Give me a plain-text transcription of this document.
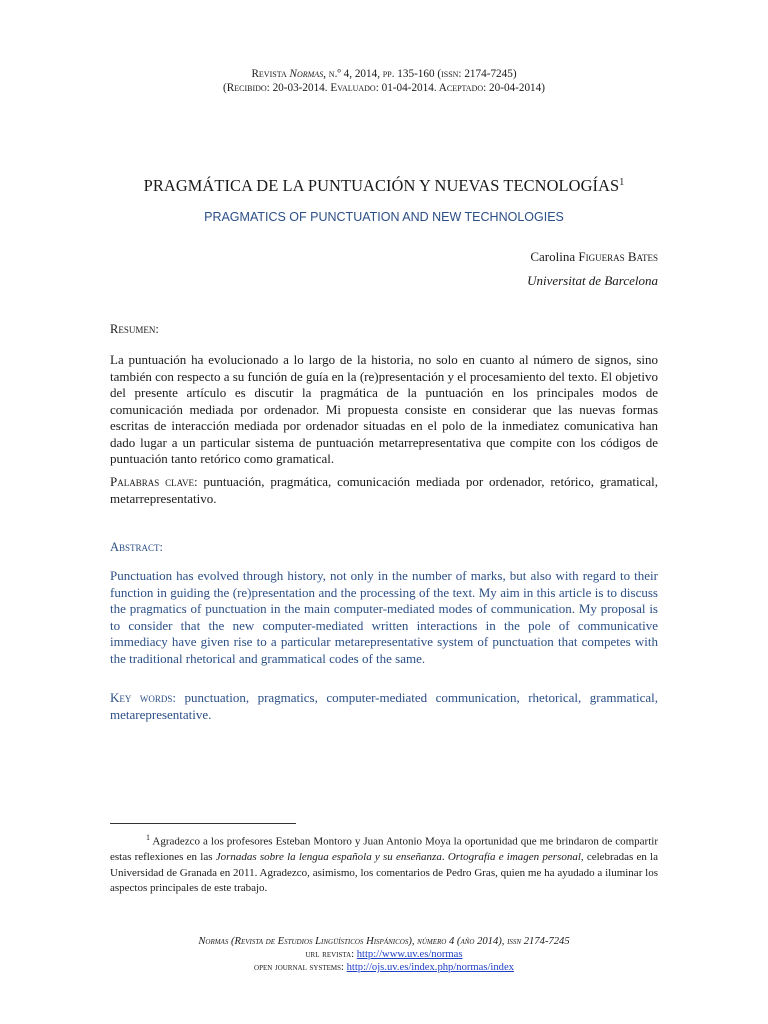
Revista Normas, n.º 4, 2014, pp. 135-160 (issn: 2174-7245)
(Recibido: 20-03-2014. Evaluado: 01-04-2014. Aceptado: 20-04-2014)
PRAGMÁTICA DE LA PUNTUACIÓN Y NUEVAS TECNOLOGÍAS$^1$
PRAGMATICS OF PUNCTUATION AND NEW TECHNOLOGIES
Carolina Figueras Bates
Universitat de Barcelona
Resumen:
La puntuación ha evolucionado a lo largo de la historia, no solo en cuanto al número de signos, sino también con respecto a su función de guía en la (re)presentación y el procesamiento del texto. El objetivo del presente artículo es discutir la pragmática de la puntuación en los principales modos de comunicación mediada por ordenador. Mi propuesta consiste en considerar que las nuevas formas escritas de interacción mediada por ordenador situadas en el polo de la inmediatez comunicativa han dado lugar a un particular sistema de puntuación metarrepresentativa que compite con los códigos de puntuación tanto retórico como gramatical.
Palabras clave: puntuación, pragmática, comunicación mediada por ordenador, retórico, gramatical, metarrepresentativo.
Abstract:
Punctuation has evolved through history, not only in the number of marks, but also with regard to their function in guiding the (re)presentation and the processing of the text. My aim in this article is to discuss the pragmatics of punctuation in the main computer-mediated modes of communication. My proposal is to consider that the new computer-mediated written interactions in the pole of communicative immediacy have given rise to a particular metarepresentative system of punctuation that competes with the traditional rhetorical and grammatical codes of the same.
Key words: punctuation, pragmatics, computer-mediated communication, rhetorical, grammatical, metarepresentative.
$^1$ Agradezco a los profesores Esteban Montoro y Juan Antonio Moya la oportunidad que me brindaron de compartir estas reflexiones en las Jornadas sobre la lengua española y su enseñanza. Ortografía e imagen personal, celebradas en la Universidad de Granada en 2011. Agradezco, asimismo, los comentarios de Pedro Gras, quien me ha ayudado a iluminar los aspectos principales de este trabajo.
Normas (Revista de Estudios Lingüísticos Hispánicos), número 4 (año 2014), issn 2174-7245
url revista: http://www.uv.es/normas
open journal systems: http://ojs.uv.es/index.php/normas/index
